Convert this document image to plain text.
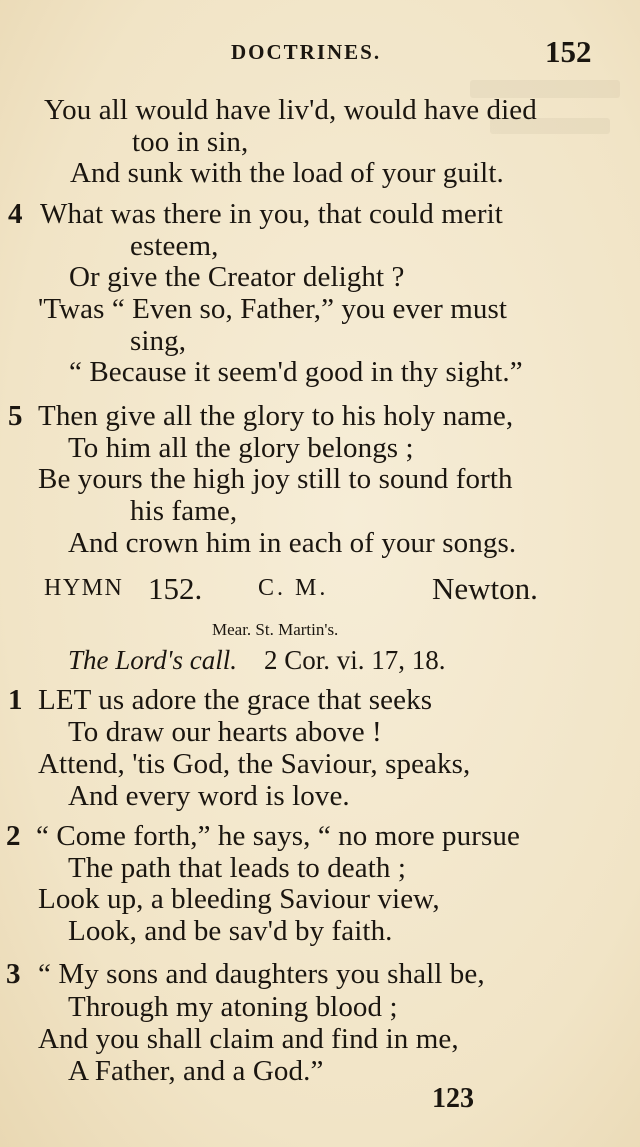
DOCTRINES.	152
You all would have liv'd, would have died
too in sin,
And sunk with the load of your guilt.
4 What was there in you, that could merit
esteem,
Or give the Creator delight ?
'Twas “ Even so, Father,” you ever must
sing,
“ Because it seem'd good in thy sight.”
5 Then give all the glory to his holy name,
To him all the glory belongs ;
Be yours the high joy still to sound forth
his fame,
And crown him in each of your songs.
HYMN 152. C. M.	Newton.
Mear. St. Martin's.
The Lord's call. 2 Cor. vi. 17, 18.
1 LET us adore the grace that seeks
To draw our hearts above !
Attend, 'tis God, the Saviour, speaks,
And every word is love.
2 “ Come forth,” he says, “ no more pursue
The path that leads to death ;
Look up, a bleeding Saviour view,
Look, and be sav'd by faith.
3 “ My sons and daughters you shall be,
Through my atoning blood ;
And you shall claim and find in me,
A Father, and a God.”
123
